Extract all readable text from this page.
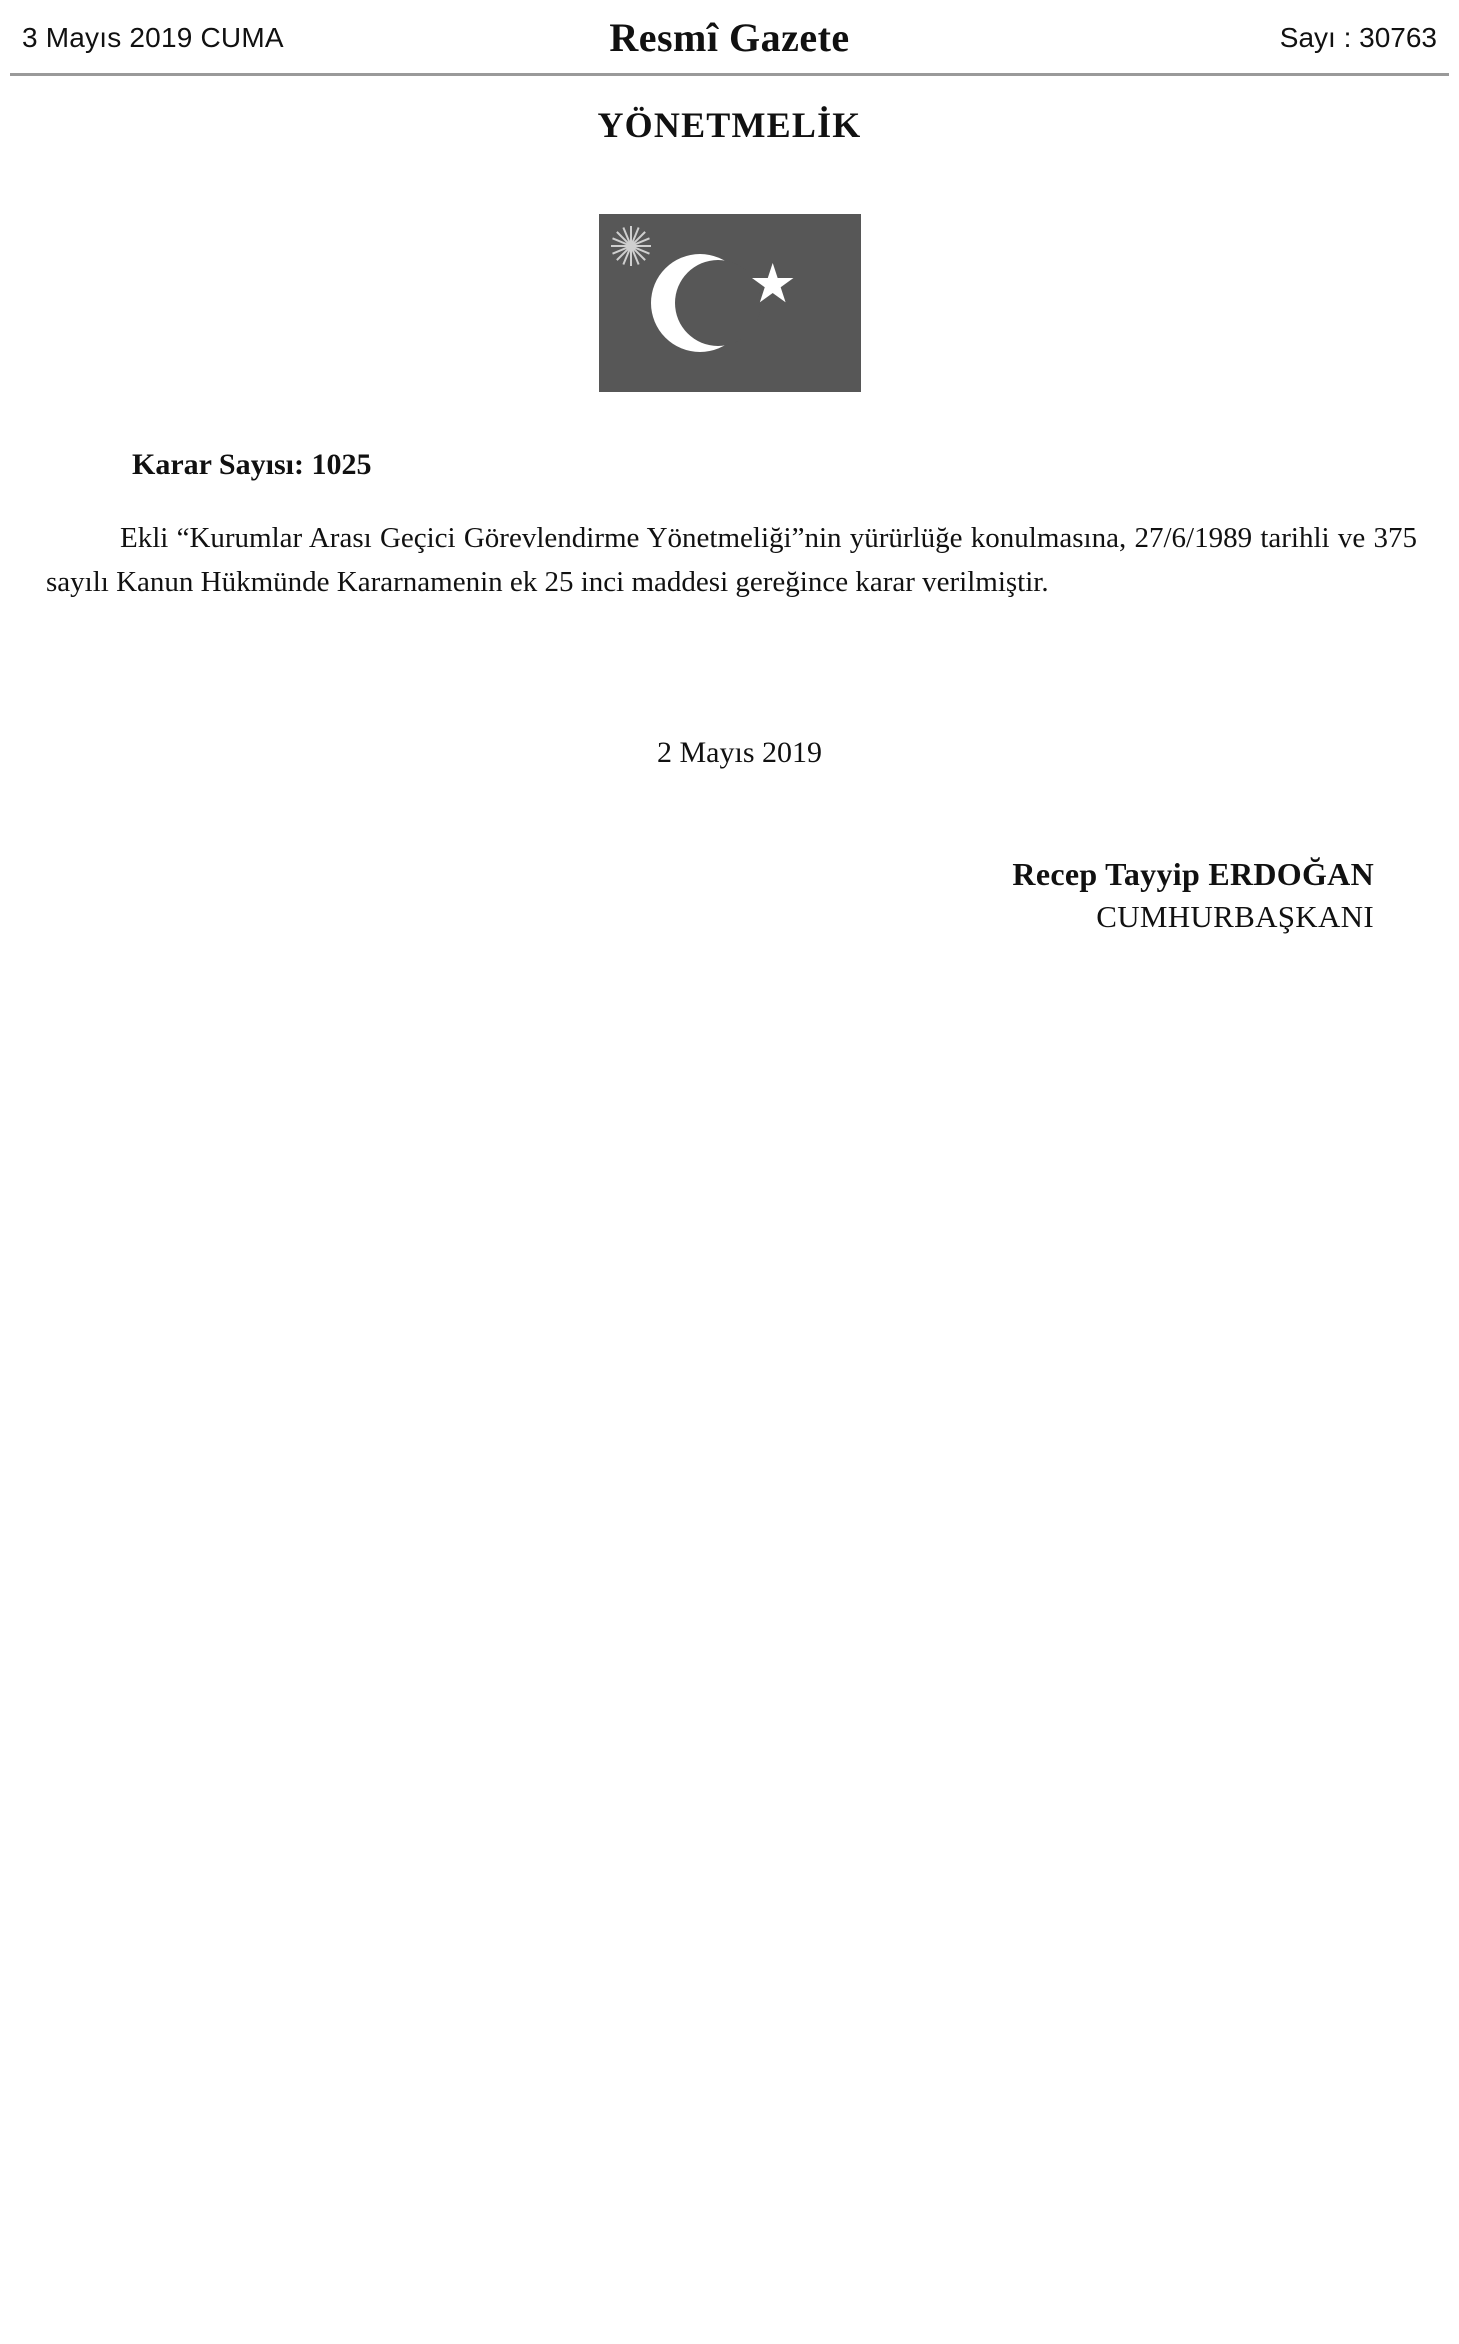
3 Mayıs 2019 CUMA	Resmî Gazete	Sayı : 30763
YÖNETMELİK
Karar Sayısı: 1025
Ekli “Kurumlar Arası Geçici Görevlendirme Yönetmeliği”nin yürürlüğe konulmasına, 27/6/1989 tarihli ve 375 sayılı Kanun Hükmünde Kararnamenin ek 25 inci maddesi gereğince karar verilmiştir.
2 Mayıs 2019
Recep Tayyip ERDOĞAN
CUMHURBAŞKANI
